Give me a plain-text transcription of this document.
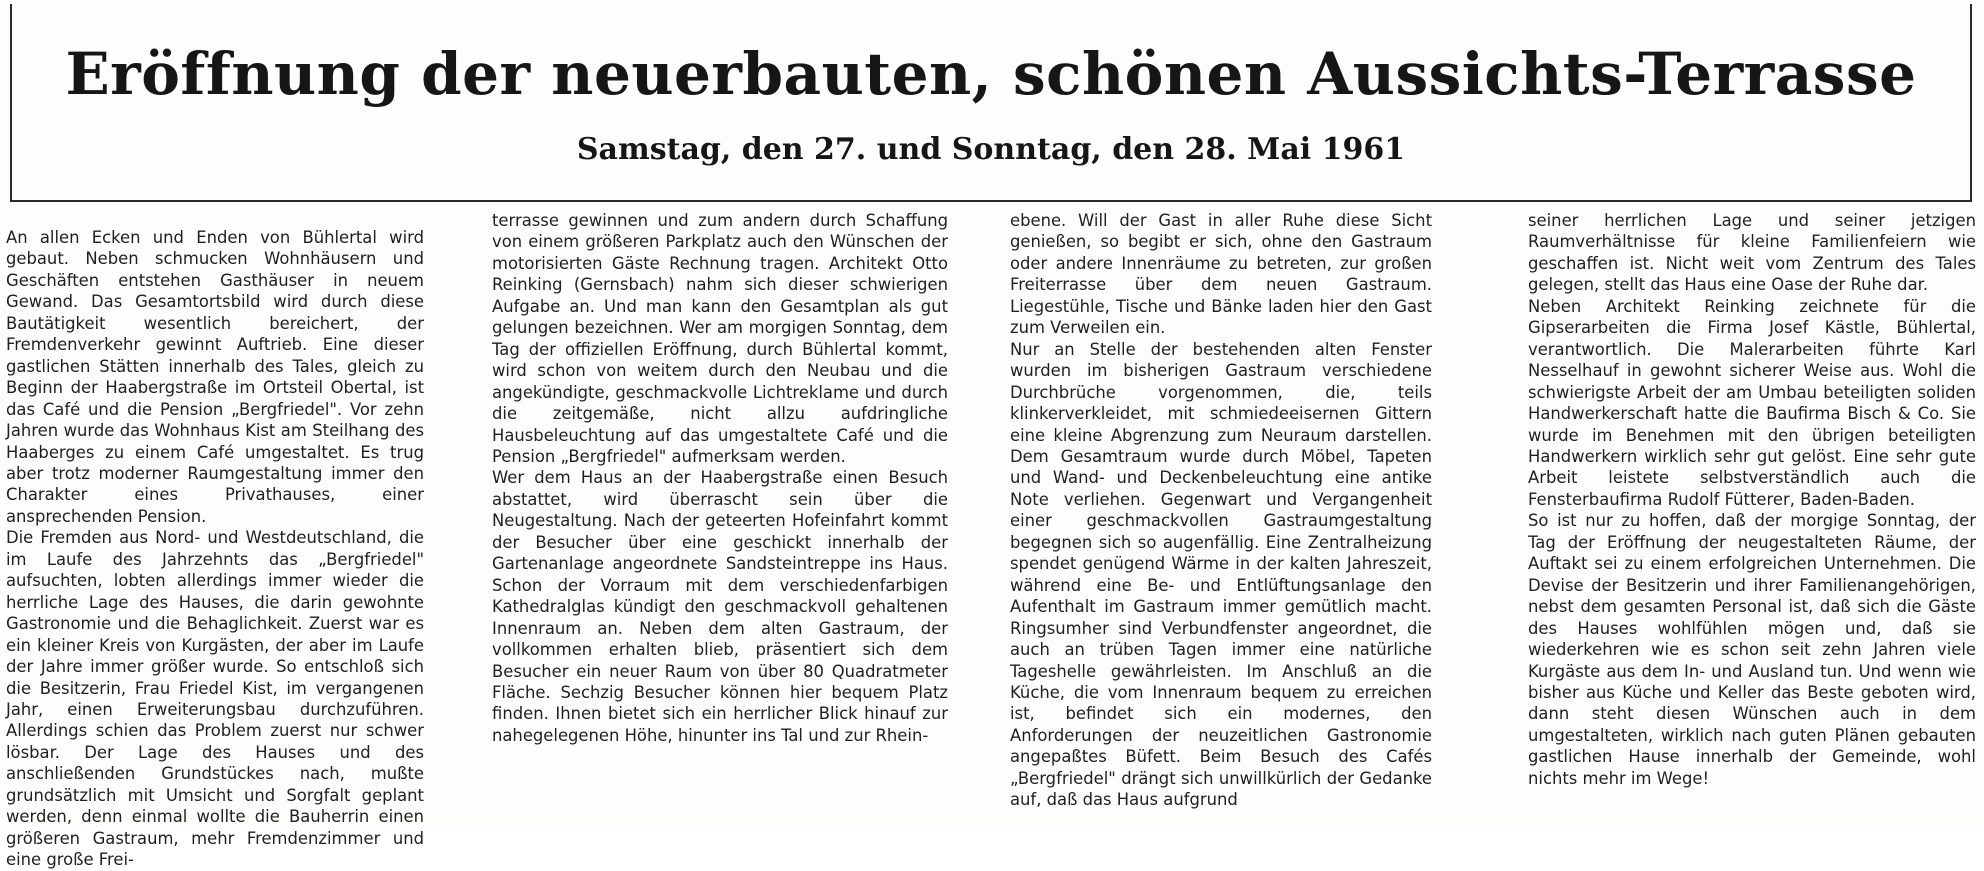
Eröffnung der neuerbauten, schönen Aussichts-Terrasse
Samstag, den 27. und Sonntag, den 28. Mai 1961

An allen Ecken und Enden von Bühlertal wird gebaut. Neben schmucken Wohnhäusern und Geschäften entstehen Gasthäuser in neuem Gewand. Das Gesamtortsbild wird durch diese Bautätigkeit wesentlich bereichert, der Fremdenverkehr gewinnt Auftrieb. Eine dieser gastlichen Stätten innerhalb des Tales, gleich zu Beginn der Haabergstraße im Ortsteil Obertal, ist das Café und die Pension „Bergfriedel". Vor zehn Jahren wurde das Wohnhaus Kist am Steilhang des Haaberges zu einem Café umgestaltet. Es trug aber trotz moderner Raumgestaltung immer den Charakter eines Privathauses, einer ansprechenden Pension.

Die Fremden aus Nord- und Westdeutschland, die im Laufe des Jahrzehnts das „Bergfriedel" aufsuchten, lobten allerdings immer wieder die herrliche Lage des Hauses, die darin gewohnte Gastronomie und die Behaglichkeit. Zuerst war es ein kleiner Kreis von Kurgästen, der aber im Laufe der Jahre immer größer wurde. So entschloß sich die Besitzerin, Frau Friedel Kist, im vergangenen Jahr, einen Erweiterungsbau durchzuführen. Allerdings schien das Problem zuerst nur schwer lösbar. Der Lage des Hauses und des anschließenden Grundstückes nach, mußte grundsätzlich mit Umsicht und Sorgfalt geplant werden, denn einmal wollte die Bauherrin einen größeren Gastraum, mehr Fremdenzimmer und eine große Frei-

terrasse gewinnen und zum andern durch Schaffung von einem größeren Parkplatz auch den Wünschen der motorisierten Gäste Rechnung tragen. Architekt Otto Reinking (Gernsbach) nahm sich dieser schwierigen Aufgabe an. Und man kann den Gesamtplan als gut gelungen bezeichnen. Wer am morgigen Sonntag, dem Tag der offiziellen Eröffnung, durch Bühlertal kommt, wird schon von weitem durch den Neubau und die angekündigte, geschmackvolle Lichtreklame und durch die zeitgemäße, nicht allzu aufdringliche Hausbeleuchtung auf das umgestaltete Café und die Pension „Bergfriedel" aufmerksam werden.

Wer dem Haus an der Haabergstraße einen Besuch abstattet, wird überrascht sein über die Neugestaltung. Nach der geteerten Hofeinfahrt kommt der Besucher über eine geschickt innerhalb der Gartenanlage angeordnete Sandsteintreppe ins Haus. Schon der Vorraum mit dem verschiedenfarbigen Kathedralglas kündigt den geschmackvoll gehaltenen Innenraum an. Neben dem alten Gastraum, der vollkommen erhalten blieb, präsentiert sich dem Besucher ein neuer Raum von über 80 Quadratmeter Fläche. Sechzig Besucher können hier bequem Platz finden. Ihnen bietet sich ein herrlicher Blick hinauf zur nahegelegenen Höhe, hinunter ins Tal und zur Rhein-

ebene. Will der Gast in aller Ruhe diese Sicht genießen, so begibt er sich, ohne den Gastraum oder andere Innenräume zu betreten, zur großen Freiterrasse über dem neuen Gastraum. Liegestühle, Tische und Bänke laden hier den Gast zum Verweilen ein.

Nur an Stelle der bestehenden alten Fenster wurden im bisherigen Gastraum verschiedene Durchbrüche vorgenommen, die, teils klinkerverkleidet, mit schmiedeeisernen Gittern eine kleine Abgrenzung zum Neuraum darstellen. Dem Gesamtraum wurde durch Möbel, Tapeten und Wand- und Deckenbeleuchtung eine antike Note verliehen. Gegenwart und Vergangenheit einer geschmackvollen Gastraumgestaltung begegnen sich so augenfällig. Eine Zentralheizung spendet genügend Wärme in der kalten Jahreszeit, während eine Be- und Entlüftungsanlage den Aufenthalt im Gastraum immer gemütlich macht. Ringsumher sind Verbundfenster angeordnet, die auch an trüben Tagen immer eine natürliche Tageshelle gewährleisten. Im Anschluß an die Küche, die vom Innenraum bequem zu erreichen ist, befindet sich ein modernes, den Anforderungen der neuzeitlichen Gastronomie angepaßtes Büfett. Beim Besuch des Cafés „Bergfriedel" drängt sich unwillkürlich der Gedanke auf, daß das Haus aufgrund

seiner herrlichen Lage und seiner jetzigen Raumverhältnisse für kleine Familienfeiern wie geschaffen ist. Nicht weit vom Zentrum des Tales gelegen, stellt das Haus eine Oase der Ruhe dar.

Neben Architekt Reinking zeichnete für die Gipserarbeiten die Firma Josef Kästle, Bühlertal, verantwortlich. Die Malerarbeiten führte Karl Nesselhauf in gewohnt sicherer Weise aus. Wohl die schwierigste Arbeit der am Umbau beteiligten soliden Handwerkerschaft hatte die Baufirma Bisch & Co. Sie wurde im Benehmen mit den übrigen beteiligten Handwerkern wirklich sehr gut gelöst. Eine sehr gute Arbeit leistete selbstverständlich auch die Fensterbaufirma Rudolf Fütterer, Baden-Baden.

So ist nur zu hoffen, daß der morgige Sonntag, der Tag der Eröffnung der neugestalteten Räume, der Auftakt sei zu einem erfolgreichen Unternehmen. Die Devise der Besitzerin und ihrer Familienangehörigen, nebst dem gesamten Personal ist, daß sich die Gäste des Hauses wohlfühlen mögen und, daß sie wiederkehren wie es schon seit zehn Jahren viele Kurgäste aus dem In- und Ausland tun. Und wenn wie bisher aus Küche und Keller das Beste geboten wird, dann steht diesen Wünschen auch in dem umgestalteten, wirklich nach guten Plänen gebauten gastlichen Hause innerhalb der Gemeinde, wohl nichts mehr im Wege!
